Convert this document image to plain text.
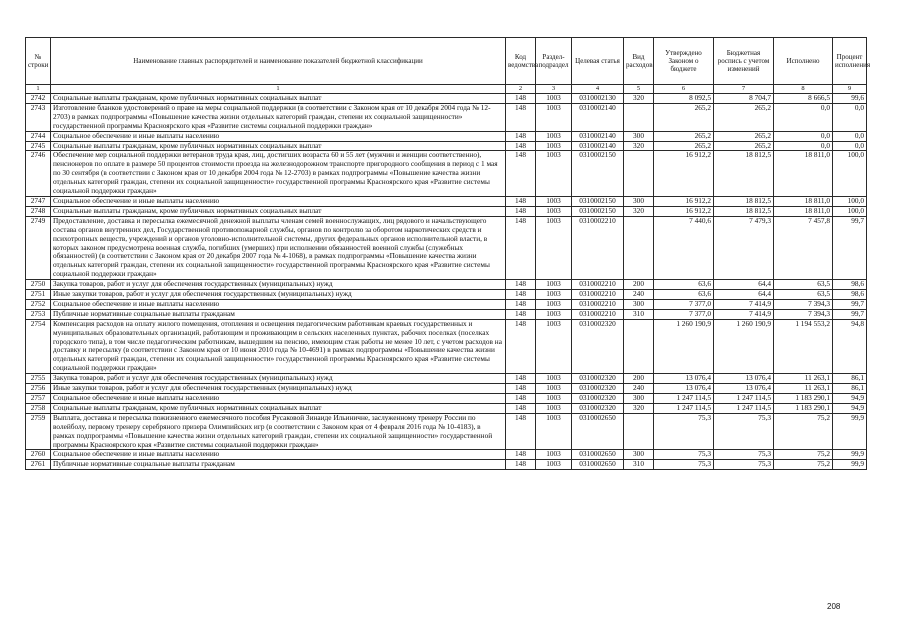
№ строки	Наименование главных распорядителей и наименование показателей бюджетной классификации	Код ведомства	Раздел-подраздел	Целевая статья	Вид расходов	Утверждено Законом о бюджете	Бюджетная роспись с учетом изменений	Исполнено	Процент исполнения
1	1	2	3	4	5	6	7	8	9
2742	Социальные выплаты гражданам, кроме публичных нормативных социальных выплат	148	1003	0310002130	320	8 092,5	8 704,7	8 666,5	99,6
2743	Изготовление бланков удостоверений о праве на меры социальной поддержки (в соответствии с Законом края от 10 декабря 2004 года № 12-2703) в рамках подпрограммы «Повышение качества жизни отдельных категорий граждан, степени их социальной защищенности» государственной программы Красноярского края «Развитие системы социальной поддержки граждан»	148	1003	0310002140		265,2	265,2	0,0	0,0
2744	Социальное обеспечение и иные выплаты населению	148	1003	0310002140	300	265,2	265,2	0,0	0,0
2745	Социальные выплаты гражданам, кроме публичных нормативных социальных выплат	148	1003	0310002140	320	265,2	265,2	0,0	0,0
2746	Обеспечение мер социальной поддержки ветеранов труда края, лиц, достигших возраста 60 и 55 лет (мужчин и женщин соответственно), пенсионеров по оплате в размере 50 процентов стоимости проезда на железнодорожном транспорте пригородного сообщения в период с 1 мая по 30 сентября (в соответствии с Законом края от 10 декабря 2004 года № 12-2703) в рамках подпрограммы «Повышение качества жизни отдельных категорий граждан, степени их социальной защищенности» государственной программы Красноярского края «Развитие системы социальной поддержки граждан»	148	1003	0310002150		16 912,2	18 812,5	18 811,0	100,0
2747	Социальное обеспечение и иные выплаты населению	148	1003	0310002150	300	16 912,2	18 812,5	18 811,0	100,0
2748	Социальные выплаты гражданам, кроме публичных нормативных социальных выплат	148	1003	0310002150	320	16 912,2	18 812,5	18 811,0	100,0
2749	Предоставление, доставка и пересылка ежемесячной денежной выплаты членам семей военнослужащих, лиц рядового и начальствующего состава органов внутренних дел, Государственной противопожарной службы, органов по контролю за оборотом наркотических средств и психотропных веществ, учреждений и органов уголовно-исполнительной системы, других федеральных органов исполнительной власти, в которых законом предусмотрена военная служба, погибших (умерших) при исполнении обязанностей военной службы (служебных обязанностей) (в соответствии с Законом края от 20 декабря 2007 года № 4-1068), в рамках подпрограммы «Повышение качества жизни отдельных категорий граждан, степени их социальной защищенности» государственной программы Красноярского края «Развитие системы социальной поддержки граждан»	148	1003	0310002210		7 440,6	7 479,3	7 457,8	99,7
2750	Закупка товаров, работ и услуг для обеспечения государственных (муниципальных) нужд	148	1003	0310002210	200	63,6	64,4	63,5	98,6
2751	Иные закупки товаров, работ и услуг для обеспечения государственных (муниципальных) нужд	148	1003	0310002210	240	63,6	64,4	63,5	98,6
2752	Социальное обеспечение и иные выплаты населению	148	1003	0310002210	300	7 377,0	7 414,9	7 394,3	99,7
2753	Публичные нормативные социальные выплаты гражданам	148	1003	0310002210	310	7 377,0	7 414,9	7 394,3	99,7
2754	Компенсация расходов на оплату жилого помещения, отопления и освещения педагогическим работникам краевых государственных и муниципальных образовательных организаций, работающим и проживающим в сельских населенных пунктах, рабочих поселках (поселках городского типа), в том числе педагогическим работникам, вышедшим на пенсию, имеющим стаж работы не менее 10 лет, с учетом расходов на доставку и пересылку (в соответствии с Законом края от 10 июня 2010 года № 10-4691) в рамках подпрограммы «Повышение качества жизни отдельных категорий граждан, степени их социальной защищенности» государственной программы Красноярского края «Развитие системы социальной поддержки граждан»	148	1003	0310002320		1 260 190,9	1 260 190,9	1 194 553,2	94,8
2755	Закупка товаров, работ и услуг для обеспечения государственных (муниципальных) нужд	148	1003	0310002320	200	13 076,4	13 076,4	11 263,1	86,1
2756	Иные закупки товаров, работ и услуг для обеспечения государственных (муниципальных) нужд	148	1003	0310002320	240	13 076,4	13 076,4	11 263,1	86,1
2757	Социальное обеспечение и иные выплаты населению	148	1003	0310002320	300	1 247 114,5	1 247 114,5	1 183 290,1	94,9
2758	Социальные выплаты гражданам, кроме публичных нормативных социальных выплат	148	1003	0310002320	320	1 247 114,5	1 247 114,5	1 183 290,1	94,9
2759	Выплата, доставка и пересылка пожизненного ежемесячного пособия Русаковой Зинаиде Ильиничне, заслуженному тренеру России по волейболу, первому тренеру серебряного призера Олимпийских игр (в соответствии с Законом края от 4 февраля 2016 года № 10-4183), в рамках подпрограммы «Повышение качества жизни отдельных категорий граждан, степени их социальной защищенности» государственной программы Красноярского края «Развитие системы социальной поддержки граждан»	148	1003	0310002650		75,3	75,3	75,2	99,9
2760	Социальное обеспечение и иные выплаты населению	148	1003	0310002650	300	75,3	75,3	75,2	99,9
2761	Публичные нормативные социальные выплаты гражданам	148	1003	0310002650	310	75,3	75,3	75,2	99,9
208
